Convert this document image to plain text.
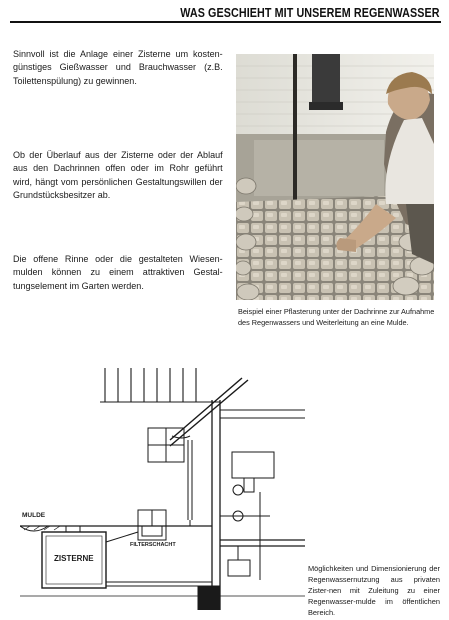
WAS GESCHIEHT MIT UNSEREM REGENWASSER
Sinnvoll ist die Anlage einer Zisterne um kosten-günstiges Gießwasser und Brauchwasser (z.B. Toilettenspülung) zu gewinnen.
Ob der Überlauf aus der Zisterne oder der Ablauf aus den Dachrinnen offen oder im Rohr geführt wird, hängt vom persönlichen Gestaltungswillen der Grundstücksbesitzer ab.
Die offene Rinne oder die gestalteten Wiesen-mulden können zu einem attraktiven Gestal-tungselement im Garten werden.
Beispiel einer Pflasterung unter der Dachrinne zur Aufnahme des Regenwassers und Weiterleitung an eine Mulde.
MULDE
ZISTERNE
FILTERSCHACHT
Möglichkeiten und Dimensionierung der Regenwassernutzung aus privaten Zister-nen mit Zuleitung zu einer Regenwasser-mulde im öffentlichen Bereich.
